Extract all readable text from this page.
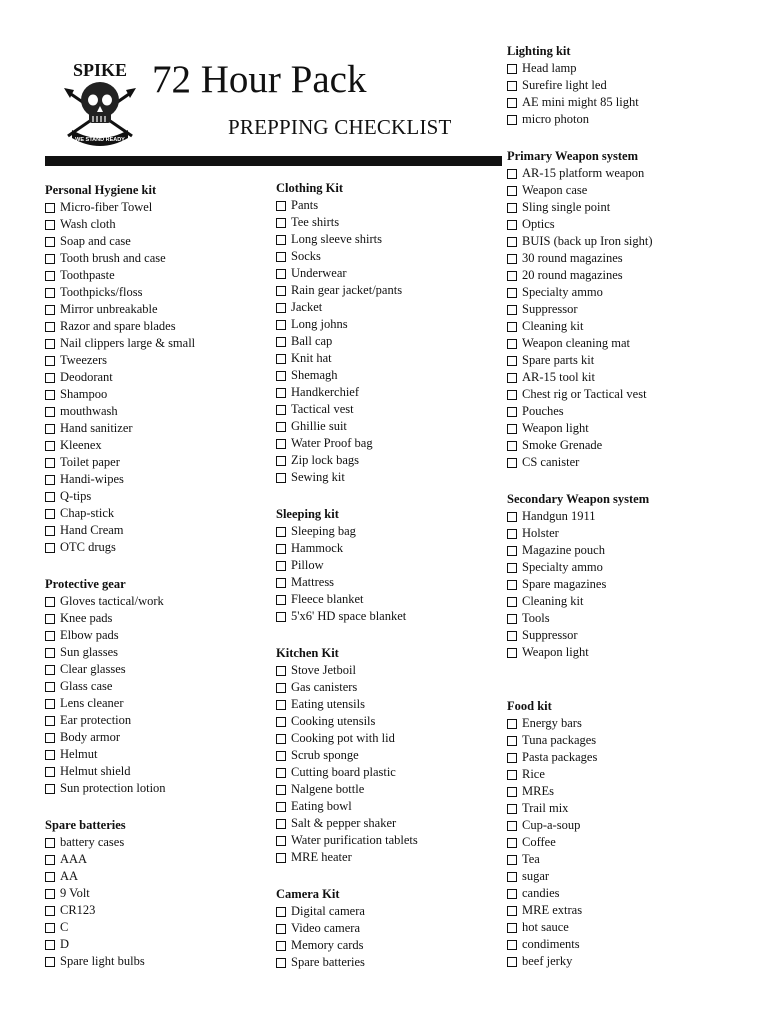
WE STAND READY
SPIKE 72 Hour Pack
PREPPING CHECKLIST
Personal Hygiene kit
Micro-fiber Towel
Wash cloth
Soap and case
Tooth brush and case
Toothpaste
Toothpicks/floss
Mirror unbreakable
Razor and spare blades
Nail clippers large & small
Tweezers
Deodorant
Shampoo
mouthwash
Hand sanitizer
Kleenex
Toilet paper
Handi-wipes
Q-tips
Chap-stick
Hand Cream
OTC drugs
Protective gear
Gloves tactical/work
Knee pads
Elbow pads
Sun glasses
Clear glasses
Glass case
Lens cleaner
Ear protection
Body armor
Helmut
Helmut shield
Sun protection lotion
Spare batteries
battery cases
AAA
AA
9 Volt
CR123
C
D
Spare light bulbs
Clothing Kit
Pants
Tee shirts
Long sleeve shirts
Socks
Underwear
Rain gear jacket/pants
Jacket
Long johns
Ball cap
Knit hat
Shemagh
Handkerchief
Tactical vest
Ghillie suit
Water Proof bag
Zip lock bags
Sewing kit
Sleeping kit
Sleeping bag
Hammock
Pillow
Mattress
Fleece blanket
5'x6' HD space blanket
Kitchen Kit
Stove Jetboil
Gas canisters
Eating utensils
Cooking utensils
Cooking pot with lid
Scrub sponge
Cutting board plastic
Nalgene bottle
Eating bowl
Salt & pepper shaker
Water purification tablets
MRE heater
Camera Kit
Digital camera
Video camera
Memory cards
Spare batteries
Lighting kit
Head lamp
Surefire light led
AE mini might 85 light
micro photon
Primary Weapon system
AR-15 platform weapon
Weapon case
Sling single point
Optics
BUIS (back up Iron sight)
30 round magazines
20 round magazines
Specialty ammo
Suppressor
Cleaning kit
Weapon cleaning mat
Spare parts kit
AR-15 tool kit
Chest rig or Tactical vest
Pouches
Weapon light
Smoke Grenade
CS canister
Secondary Weapon system
Handgun 1911
Holster
Magazine pouch
Specialty ammo
Spare magazines
Cleaning kit
Tools
Suppressor
Weapon light
Food kit
Energy bars
Tuna packages
Pasta packages
Rice
MREs
Trail mix
Cup-a-soup
Coffee
Tea
sugar
candies
MRE extras
hot sauce
condiments
beef jerky
